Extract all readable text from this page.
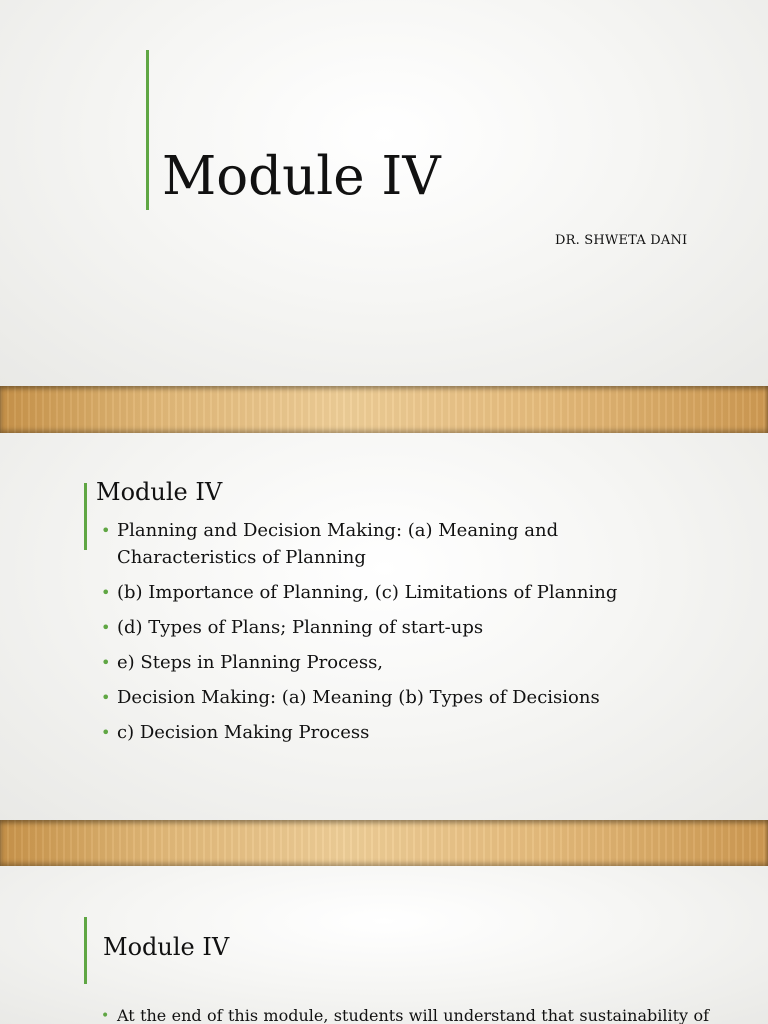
Module IV
DR. SHWETA DANI
Module IV
• Planning and Decision Making: (a) Meaning and Characteristics of Planning
• (b) Importance of Planning, (c) Limitations of Planning
• (d) Types of Plans; Planning of start-ups
• e) Steps in Planning Process,
• Decision Making: (a) Meaning (b) Types of Decisions
• c) Decision Making Process
Module IV
• At the end of this module, students will understand that sustainability of
